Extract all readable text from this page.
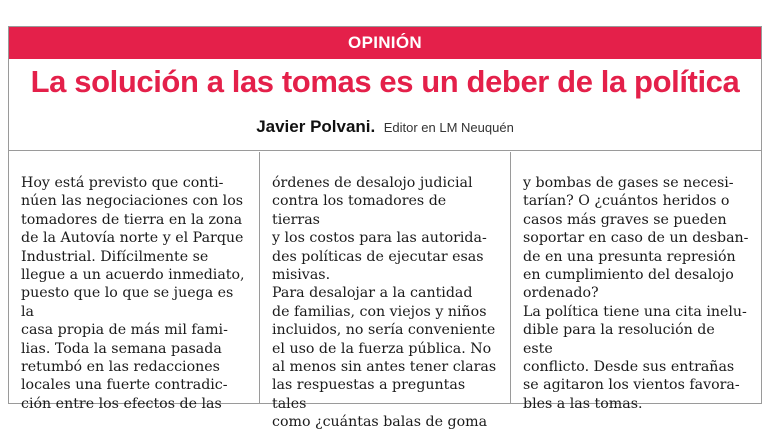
OPINIÓN
La solución a las tomas es un deber de la política
Javier Polvani. Editor en LM Neuquén

Hoy está previsto que conti-
núen las negociaciones con los
tomadores de tierra en la zona
de la Autovía norte y el Parque
Industrial. Difícilmente se
llegue a un acuerdo inmediato,
puesto que lo que se juega es la
casa propia de más mil fami-
lias. Toda la semana pasada
retumbó en las redacciones
locales una fuerte contradic-
ción entre los efectos de las

órdenes de desalojo judicial
contra los tomadores de tierras
y los costos para las autorida-
des políticas de ejecutar esas
misivas.

Para desalojar a la cantidad
de familias, con viejos y niños
incluidos, no sería conveniente
el uso de la fuerza pública. No
al menos sin antes tener claras
las respuestas a preguntas tales
como ¿cuántas balas de goma

y bombas de gases se necesi-
tarían? O ¿cuántos heridos o
casos más graves se pueden
soportar en caso de un desban-
de en una presunta represión
en cumplimiento del desalojo
ordenado?

La política tiene una cita inelu-
dible para la resolución de este
conflicto. Desde sus entrañas
se agitaron los vientos favora-
bles a las tomas.
